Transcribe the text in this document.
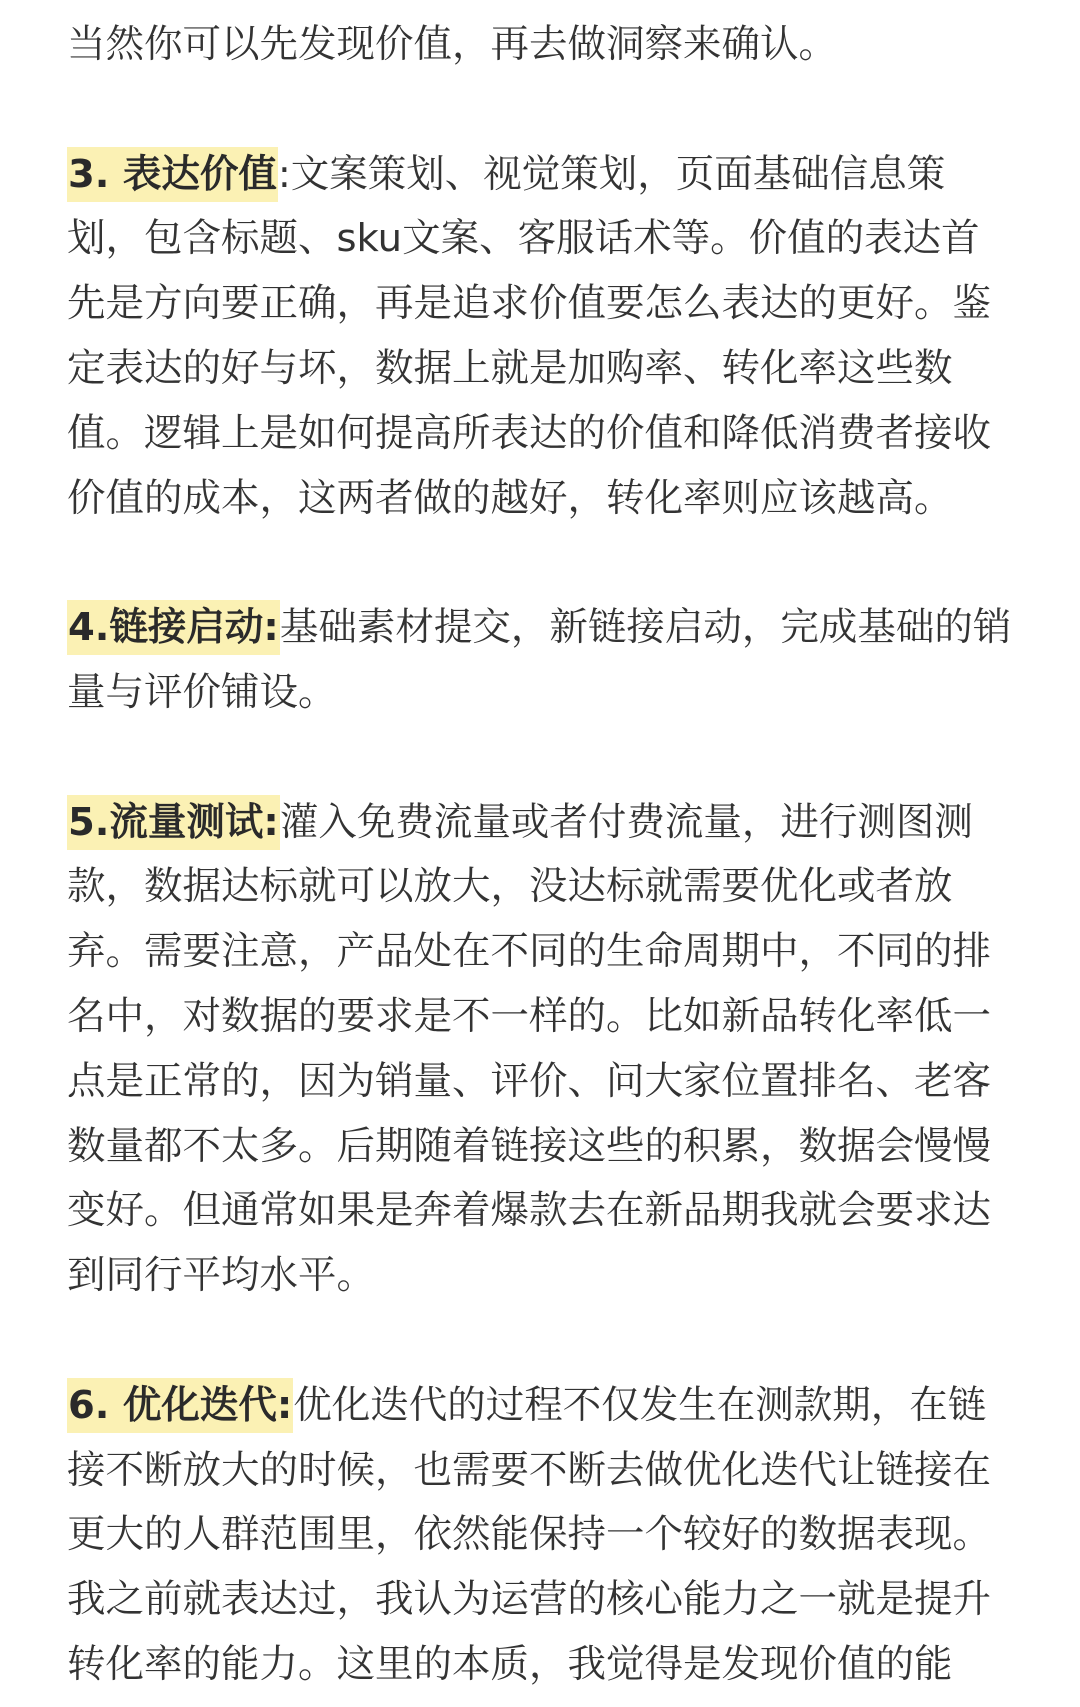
当然你可以先发现价值，再去做洞察来确认。
3. 表达价值:文案策划、视觉策划，页面基础信息策
划，包含标题、sku文案、客服话术等。价值的表达首
先是方向要正确，再是追求价值要怎么表达的更好。鉴
定表达的好与坏，数据上就是加购率、转化率这些数
值。逻辑上是如何提高所表达的价值和降低消费者接收
价值的成本，这两者做的越好，转化率则应该越高。
4.链接启动:基础素材提交，新链接启动，完成基础的销
量与评价铺设。
5.流量测试:灌入免费流量或者付费流量，进行测图测
款，数据达标就可以放大，没达标就需要优化或者放
弃。需要注意，产品处在不同的生命周期中，不同的排
名中，对数据的要求是不一样的。比如新品转化率低一
点是正常的，因为销量、评价、问大家位置排名、老客
数量都不太多。后期随着链接这些的积累，数据会慢慢
变好。但通常如果是奔着爆款去在新品期我就会要求达
到同行平均水平。
6. 优化迭代:优化迭代的过程不仅发生在测款期，在链
接不断放大的时候，也需要不断去做优化迭代让链接在
更大的人群范围里，依然能保持一个较好的数据表现。
我之前就表达过，我认为运营的核心能力之一就是提升
转化率的能力。这里的本质，我觉得是发现价值的能
